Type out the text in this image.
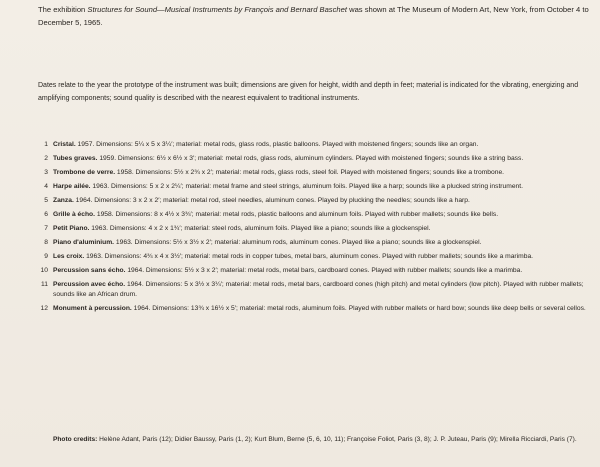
The exhibition Structures for Sound—Musical Instruments by François and Bernard Baschet was shown at The Museum of Modern Art, New York, from October 4 to December 5, 1965.

Dates relate to the year the prototype of the instrument was built; dimensions are given for height, width and depth in feet; material is indicated for the vibrating, energizing and amplifying components; sound quality is described with the nearest equivalent to traditional instruments.

1 Cristal. 1957. Dimensions: 5¼ x 5 x 3¼′; material: metal rods, glass rods, plastic balloons. Played with moistened fingers; sounds like an organ.
2 Tubes graves. 1959. Dimensions: 6½ x 6½ x 3′; material: metal rods, glass rods, aluminum cylinders. Played with moistened fingers; sounds like a string bass.
3 Trombone de verre. 1958. Dimensions: 5½ x 2¾ x 2′; material: metal rods, glass rods, steel foil. Played with moistened fingers; sounds like a trombone.
4 Harpe ailée. 1963. Dimensions: 5 x 2 x 2¼′; material: metal frame and steel strings, aluminum foils. Played like a harp; sounds like a plucked string instrument.
5 Zanza. 1964. Dimensions: 3 x 2 x 2′; material: metal rod, steel needles, aluminum cones. Played by plucking the needles; sounds like a harp.
6 Grille à écho. 1958. Dimensions: 8 x 4½ x 3¾′; material: metal rods, plastic balloons and aluminum foils. Played with rubber mallets; sounds like bells.
7 Petit Piano. 1963. Dimensions: 4 x 2 x 1¾′; material: steel rods, aluminum foils. Played like a piano; sounds like a glockenspiel.
8 Piano d'aluminium. 1963. Dimensions: 5½ x 3½ x 2′; material: aluminum rods, aluminum cones. Played like a piano; sounds like a glockenspiel.
9 Les croix. 1963. Dimensions: 4¾ x 4 x 3½′; material: metal rods in copper tubes, metal bars, aluminum cones. Played with rubber mallets; sounds like a marimba.
10 Percussion sans écho. 1964. Dimensions: 5½ x 3 x 2′; material: metal rods, metal bars, cardboard cones. Played with rubber mallets; sounds like a marimba.
11 Percussion avec écho. 1964. Dimensions: 5 x 3½ x 3¼′; material: metal rods, metal bars, cardboard cones (high pitch) and metal cylinders (low pitch). Played with rubber mallets; sounds like an African drum.
12 Monument à percussion. 1964. Dimensions: 13¾ x 16½ x 5′; material: metal rods, aluminum foils. Played with rubber mallets or hard bow; sounds like deep bells or several cellos.

Photo credits: Helène Adant, Paris (12); Didier Baussy, Paris (1, 2); Kurt Blum, Berne (5, 6, 10, 11); Françoise Foliot, Paris (3, 8); J. P. Juteau, Paris (9); Mirella Ricciardi, Paris (7).
